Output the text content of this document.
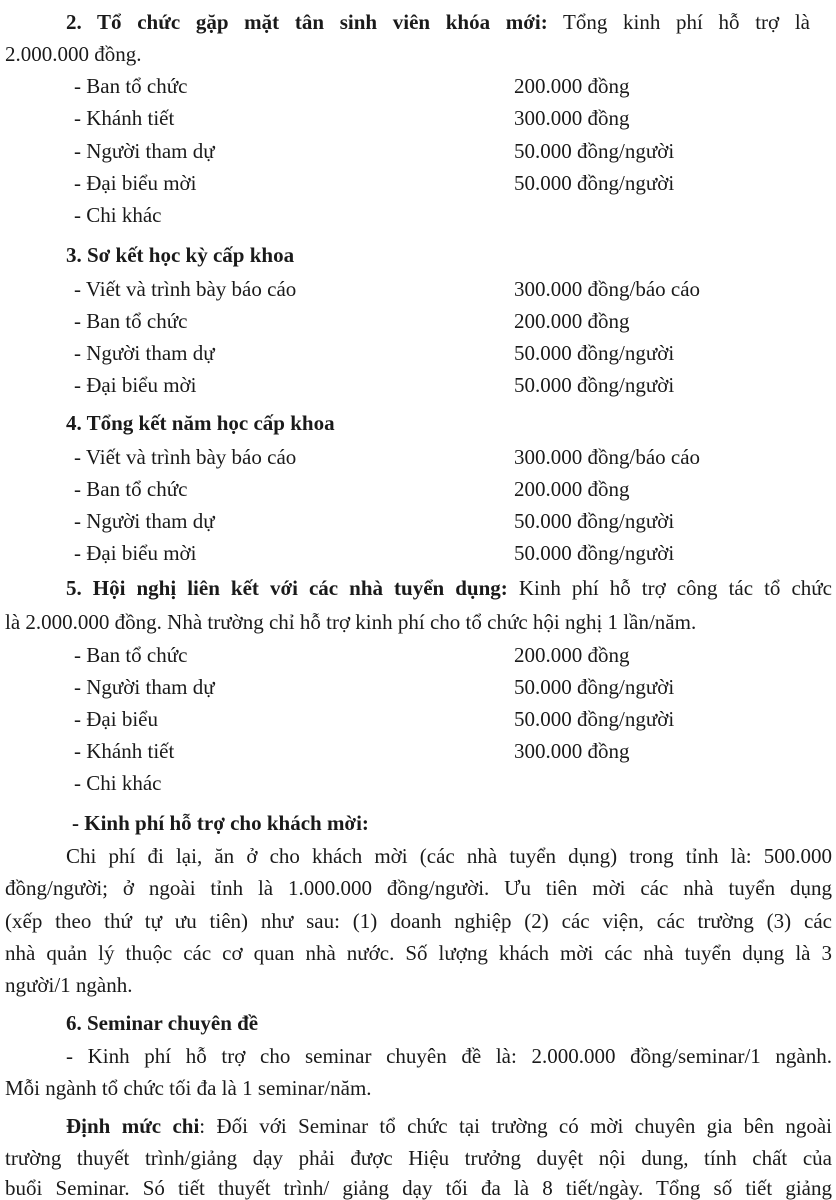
2. Tổ chức gặp mặt tân sinh viên khóa mới: Tổng kinh phí hỗ trợ là
2.000.000 đồng.
- Ban tổ chức	200.000 đồng
- Khánh tiết	300.000 đồng
- Người tham dự	50.000 đồng/người
- Đại biểu mời	50.000 đồng/người
- Chi khác
3. Sơ kết học kỳ cấp khoa
- Viết và trình bày báo cáo	300.000 đồng/báo cáo
- Ban tổ chức	200.000 đồng
- Người tham dự	50.000 đồng/người
- Đại biểu mời	50.000 đồng/người
4. Tổng kết năm học cấp khoa
- Viết và trình bày báo cáo	300.000 đồng/báo cáo
- Ban tổ chức	200.000 đồng
- Người tham dự	50.000 đồng/người
- Đại biểu mời	50.000 đồng/người
5. Hội nghị liên kết với các nhà tuyển dụng: Kinh phí hỗ trợ công tác tổ chức
là 2.000.000 đồng. Nhà trường chỉ hỗ trợ kinh phí cho tổ chức hội nghị 1 lần/năm.
- Ban tổ chức	200.000 đồng
- Người tham dự	50.000 đồng/người
- Đại biểu	50.000 đồng/người
- Khánh tiết	300.000 đồng
- Chi khác
- Kinh phí hỗ trợ cho khách mời:
Chi phí đi lại, ăn ở cho khách mời (các nhà tuyển dụng) trong tỉnh là: 500.000
đồng/người; ở ngoài tỉnh là 1.000.000 đồng/người. Ưu tiên mời các nhà tuyển dụng
(xếp theo thứ tự ưu tiên) như sau: (1) doanh nghiệp (2) các viện, các trường (3) các
nhà quản lý thuộc các cơ quan nhà nước. Số lượng khách mời các nhà tuyển dụng là 3
người/1 ngành.
6. Seminar chuyên đề
- Kinh phí hỗ trợ cho seminar chuyên đề là: 2.000.000 đồng/seminar/1 ngành.
Mỗi ngành tổ chức tối đa là 1 seminar/năm.
Định mức chi: Đối với Seminar tổ chức tại trường có mời chuyên gia bên ngoài
trường thuyết trình/giảng dạy phải được Hiệu trưởng duyệt nội dung, tính chất của
buổi Seminar. Só tiết thuyết trình/ giảng dạy tối đa là 8 tiết/ngày. Tổng số tiết giảng
